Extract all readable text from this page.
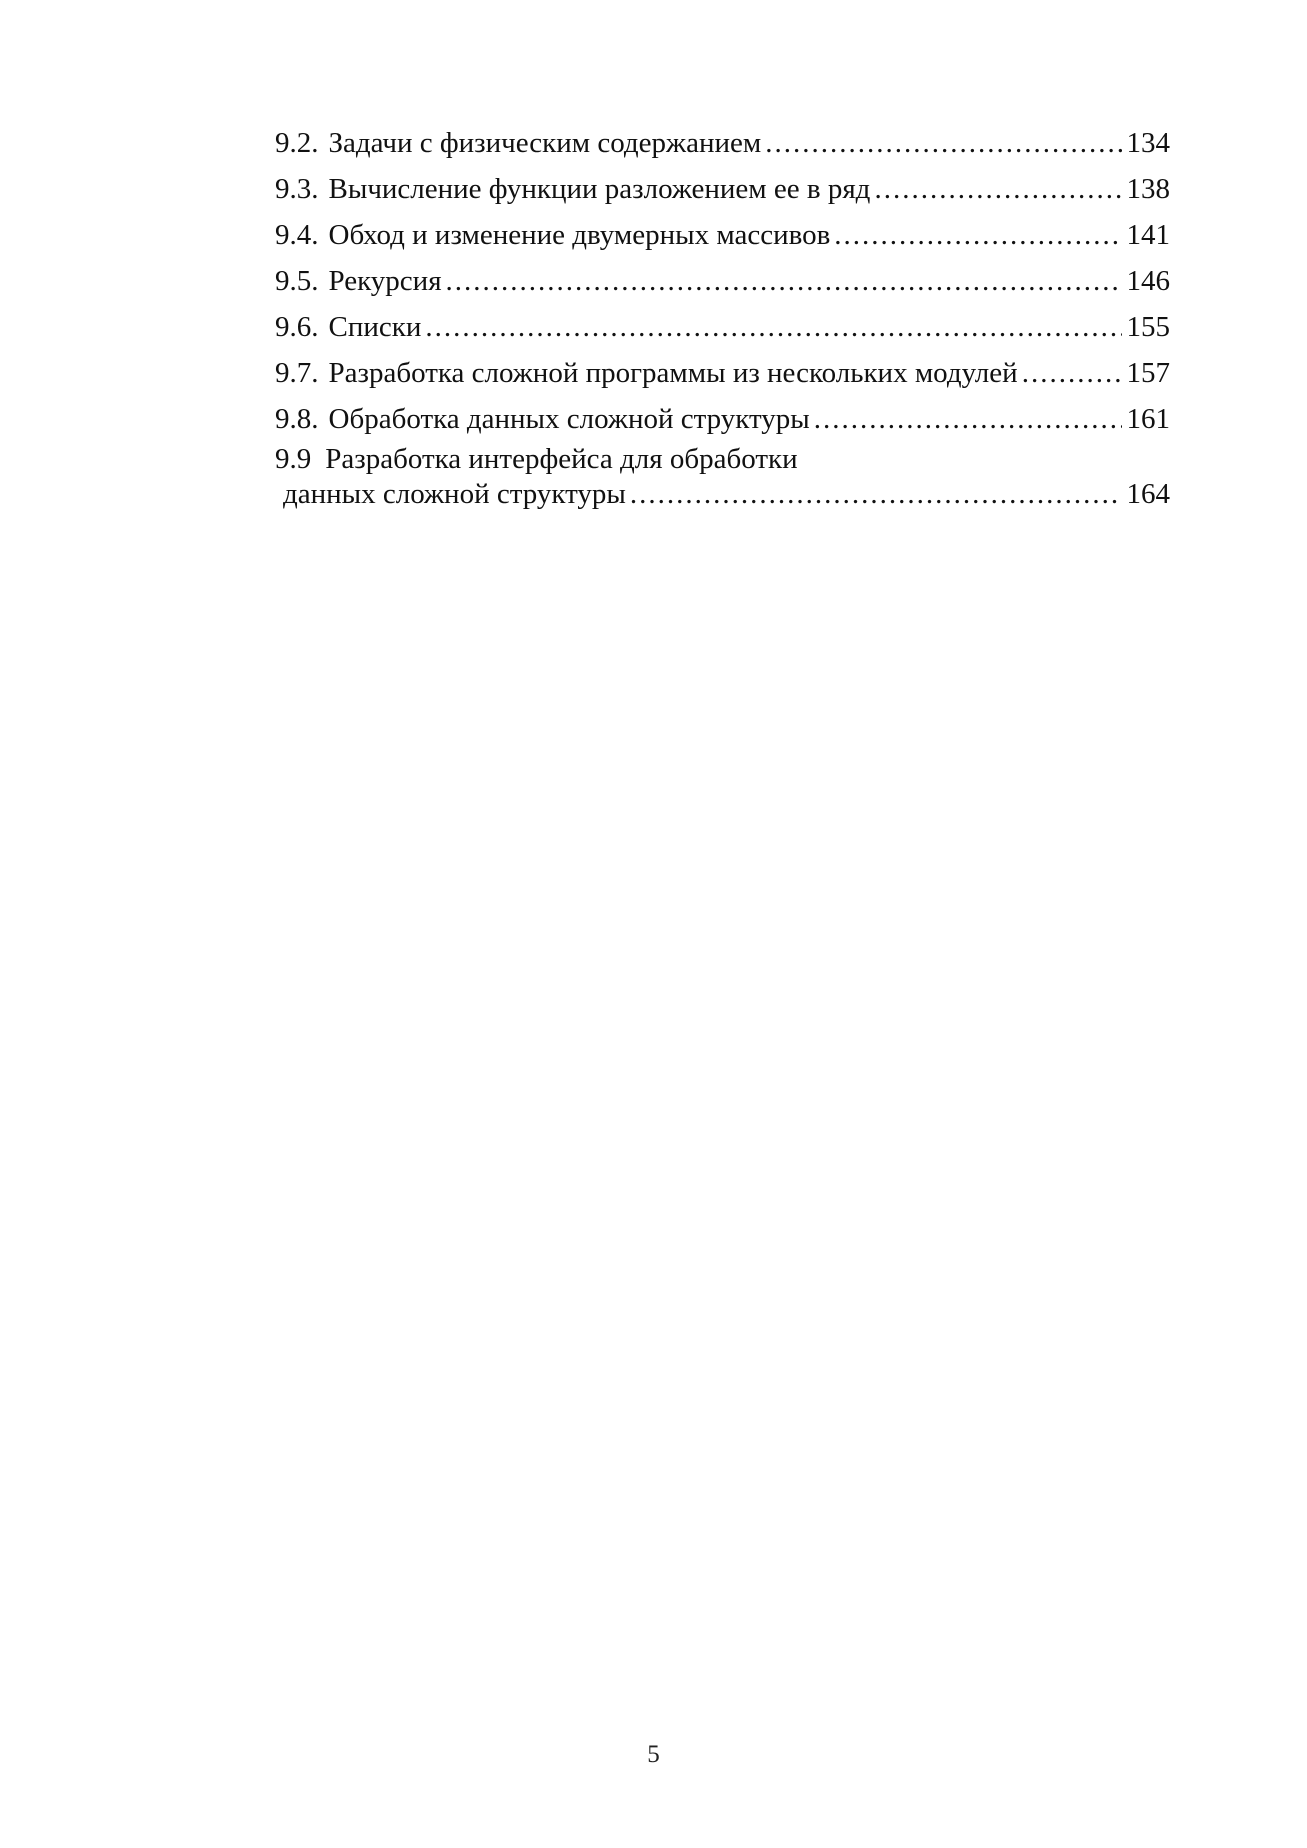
9.2. Задачи с физическим содержанием .....	134
9.3. Вычисление функции разложением ее в ряд .....	138
9.4. Обход и изменение двумерных массивов .....	141
9.5. Рекурсия .....	146
9.6. Списки .....	155
9.7. Разработка сложной программы из нескольких модулей .....	157
9.8. Обработка данных сложной структуры .....	161
9.9 Разработка интерфейса для обработки
данных сложной структуры .....	164
5
